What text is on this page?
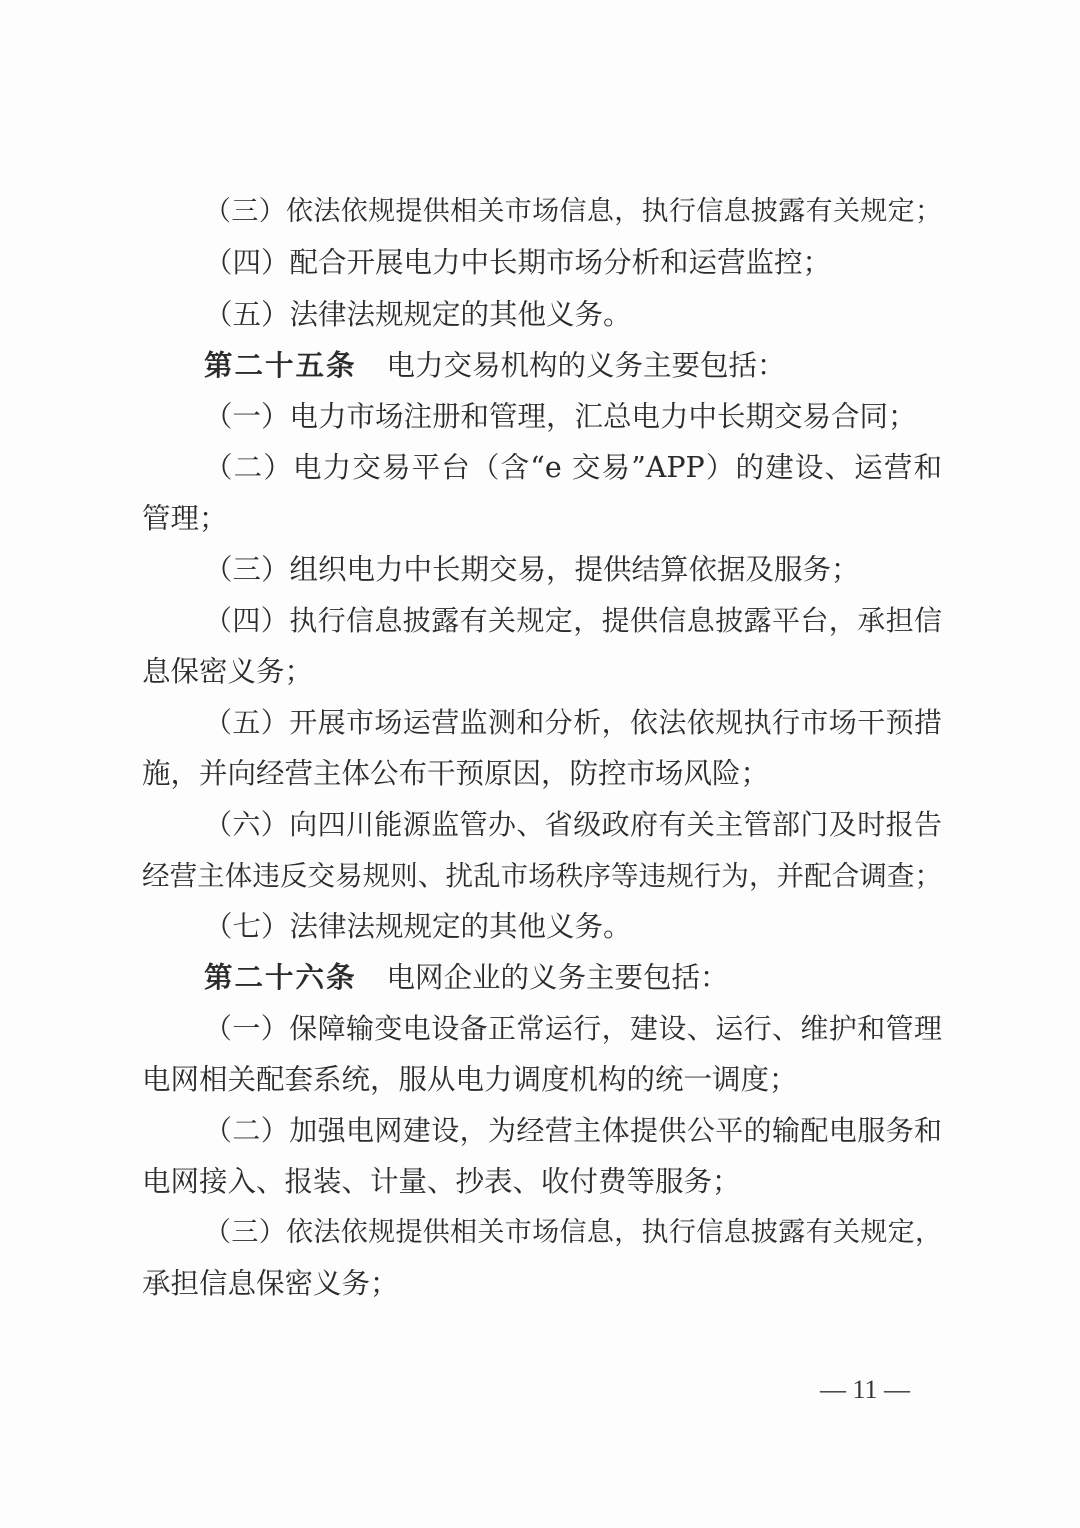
（三）依法依规提供相关市场信息，执行信息披露有关规定；
（四）配合开展电力中长期市场分析和运营监控；
（五）法律法规规定的其他义务。
第二十五条 电力交易机构的义务主要包括：
（一）电力市场注册和管理，汇总电力中长期交易合同；
（二）电力交易平台（含“e 交易”APP）的建设、运营和
管理；
（三）组织电力中长期交易，提供结算依据及服务；
（四）执行信息披露有关规定，提供信息披露平台，承担信
息保密义务；
（五）开展市场运营监测和分析，依法依规执行市场干预措
施，并向经营主体公布干预原因，防控市场风险；
（六）向四川能源监管办、省级政府有关主管部门及时报告
经营主体违反交易规则、扰乱市场秩序等违规行为，并配合调查；
（七）法律法规规定的其他义务。
第二十六条 电网企业的义务主要包括：
（一）保障输变电设备正常运行，建设、运行、维护和管理
电网相关配套系统，服从电力调度机构的统一调度；
（二）加强电网建设，为经营主体提供公平的输配电服务和
电网接入、报装、计量、抄表、收付费等服务；
（三）依法依规提供相关市场信息，执行信息披露有关规定，
承担信息保密义务；
— 11 —
